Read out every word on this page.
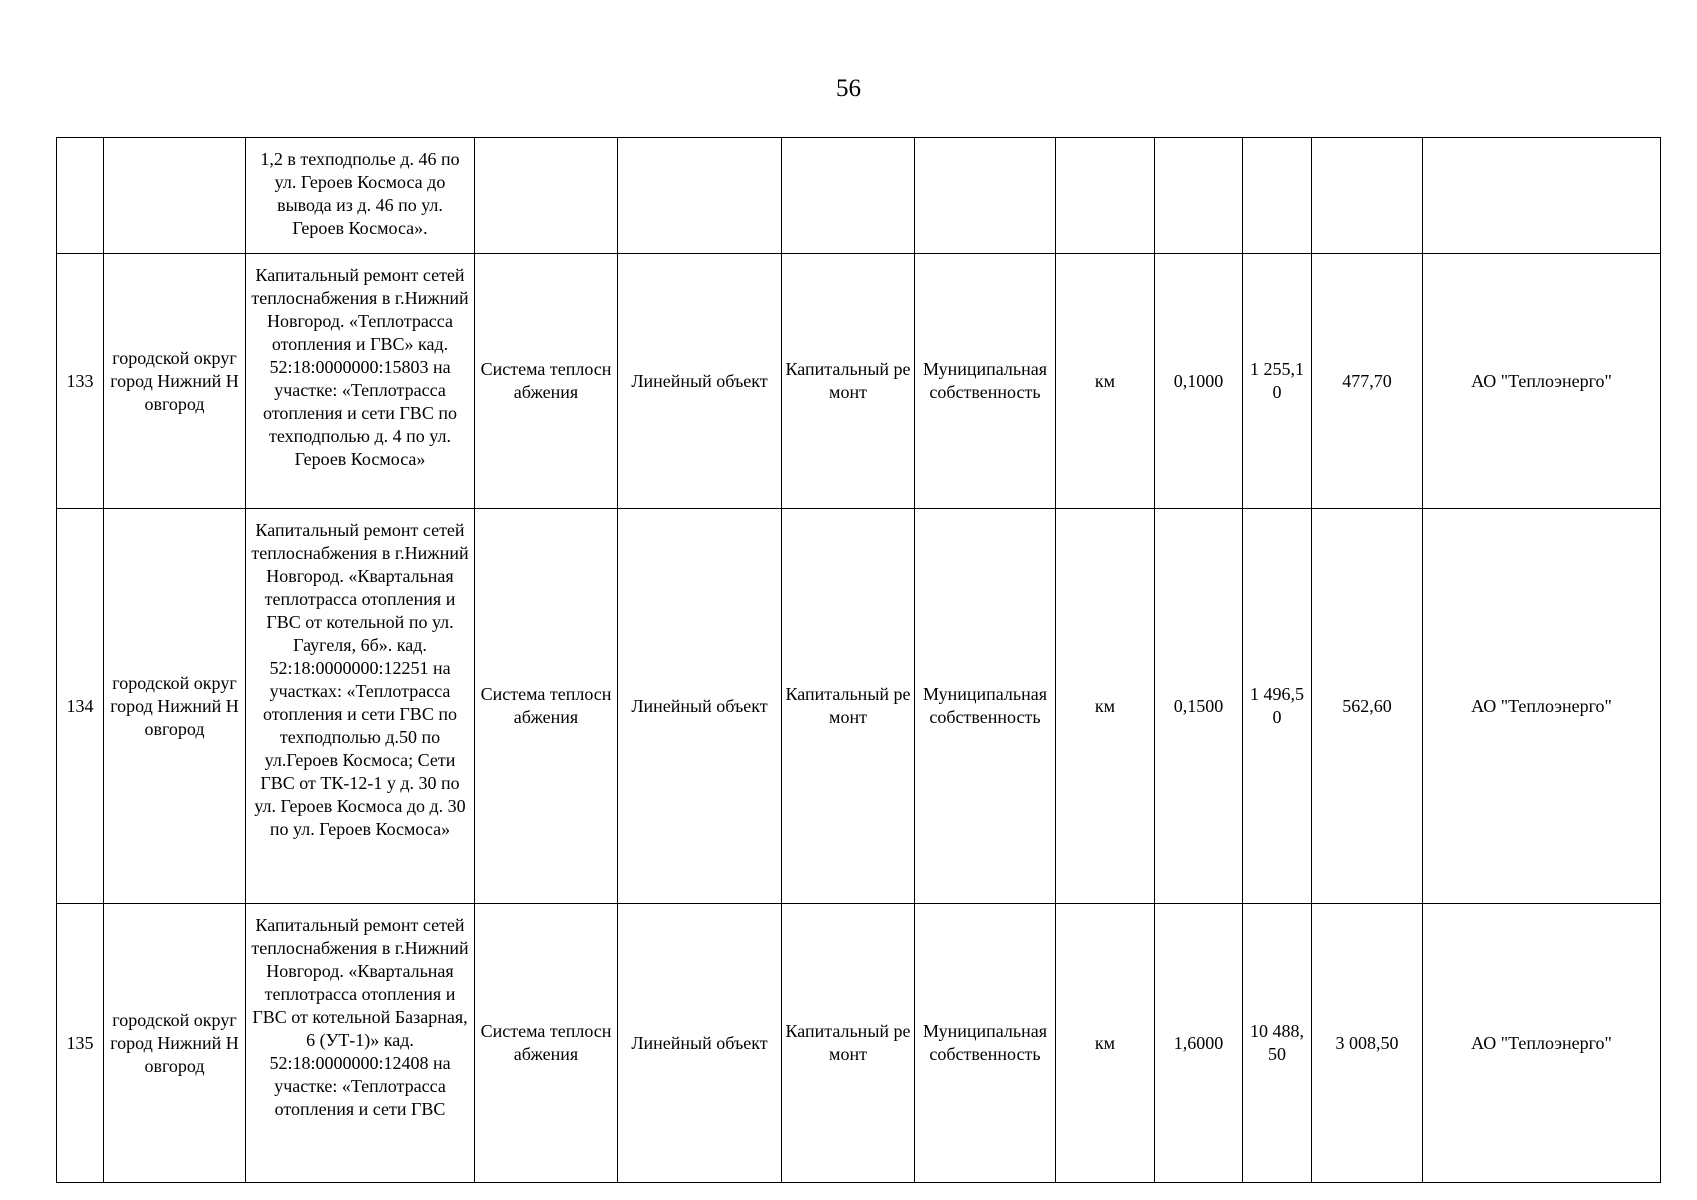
56
		1,2 в техподполье д. 46 по ул. Героев Космоса до вывода из д. 46 по ул. Героев Космоса».									
133	городской округ город Нижний Новгород	Капитальный ремонт сетей теплоснабжения в г.Нижний Новгород. «Теплотрасса отопления и ГВС» кад. 52:18:0000000:15803 на участке: «Теплотрасса отопления и сети ГВС по техподполью д. 4 по ул. Героев Космоса»	Система теплоснабжения	Линейный объект	Капитальный ремонт	Муниципальная собственность	км	0,1000	1 255,10	477,70	АО "Теплоэнерго"
134	городской округ город Нижний Новгород	Капитальный ремонт сетей теплоснабжения в г.Нижний Новгород. «Квартальная теплотрасса отопления и ГВС от котельной по ул. Гаугеля, 6б». кад. 52:18:0000000:12251 на участках: «Теплотрасса отопления и сети ГВС по техподполью д.50 по ул.Героев Космоса; Сети ГВС от ТК-12-1 у д. 30 по ул. Героев Космоса до д. 30 по ул. Героев Космоса»	Система теплоснабжения	Линейный объект	Капитальный ремонт	Муниципальная собственность	км	0,1500	1 496,50	562,60	АО "Теплоэнерго"
135	городской округ город Нижний Новгород	Капитальный ремонт сетей теплоснабжения в г.Нижний Новгород. «Квартальная теплотрасса отопления и ГВС от котельной Базарная, 6 (УТ-1)» кад. 52:18:0000000:12408 на участке: «Теплотрасса отопления и сети ГВС	Система теплоснабжения	Линейный объект	Капитальный ремонт	Муниципальная собственность	км	1,6000	10 488,50	3 008,50	АО "Теплоэнерго"
